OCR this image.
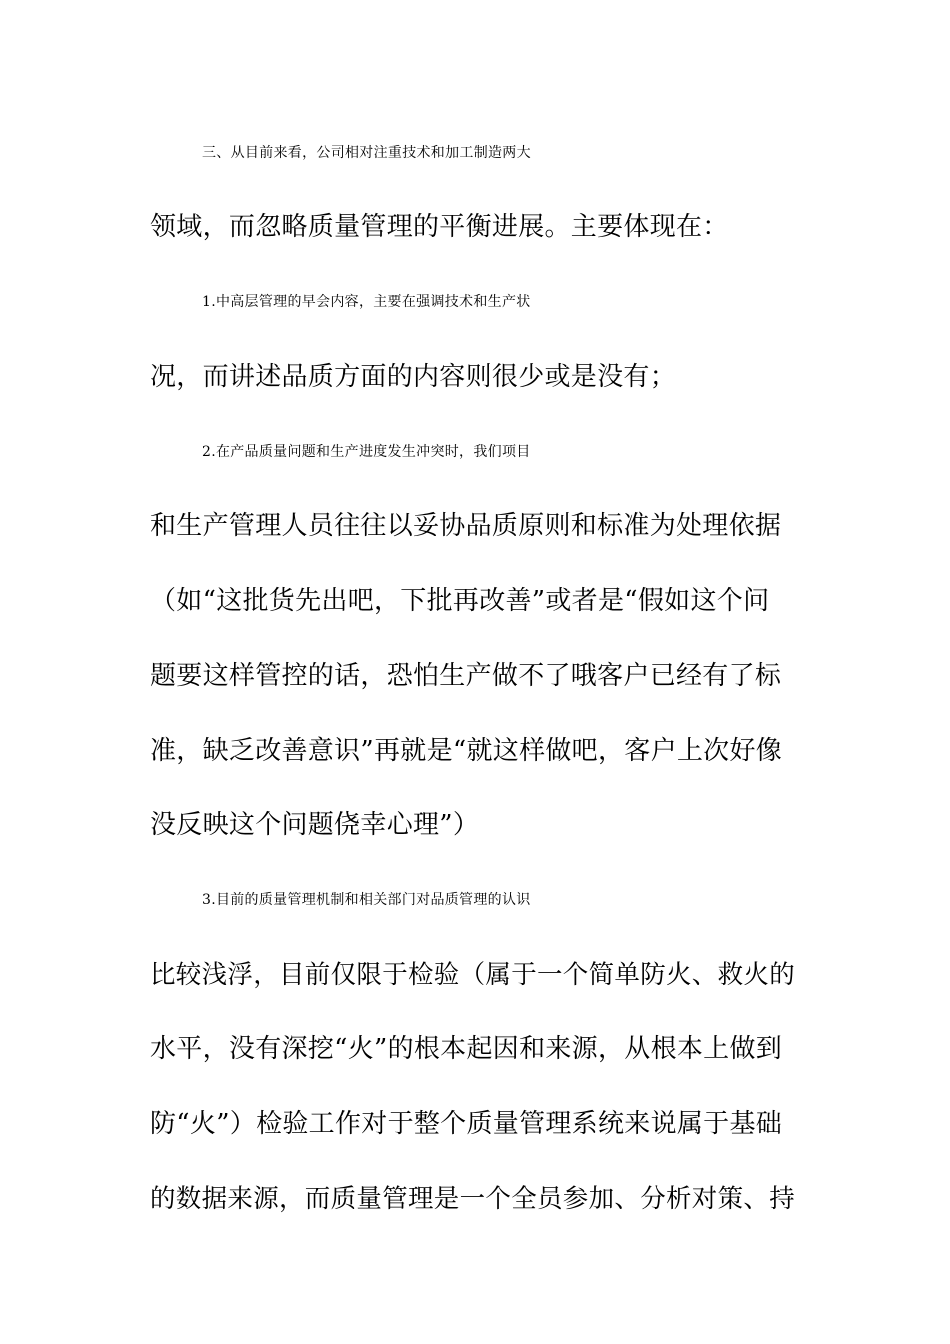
三、从目前来看，公司相对注重技术和加工制造两大
领域，而忽略质量管理的平衡进展。主要体现在：
1.中高层管理的早会内容，主要在强调技术和生产状
况，而讲述品质方面的内容则很少或是没有；
2.在产品质量问题和生产进度发生冲突时，我们项目
和生产管理人员往往以妥协品质原则和标准为处理依据
（如“这批货先出吧，下批再改善”或者是“假如这个问
题要这样管控的话，恐怕生产做不了哦客户已经有了标
准，缺乏改善意识”再就是“就这样做吧，客户上次好像
没反映这个问题侥幸心理”）
3.目前的质量管理机制和相关部门对品质管理的认识
比较浅浮，目前仅限于检验（属于一个简单防火、救火的
水平，没有深挖“火”的根本起因和来源，从根本上做到
防“火”）检验工作对于整个质量管理系统来说属于基础
的数据来源，而质量管理是一个全员参加、分析对策、持
